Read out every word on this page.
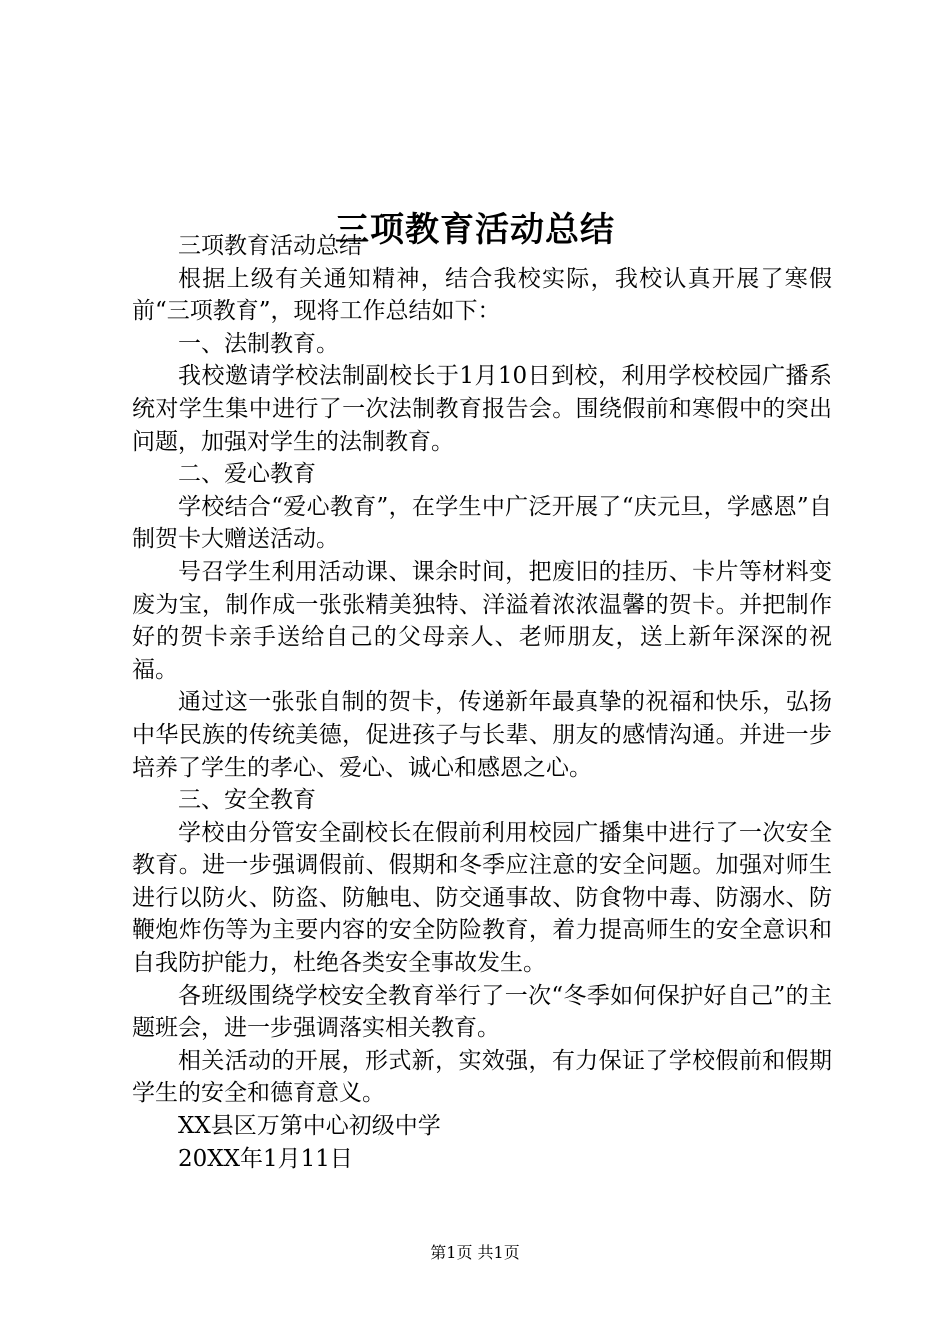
三项教育活动总结

三项教育活动总结

根据上级有关通知精神，结合我校实际，我校认真开展了寒假前“三项教育”，现将工作总结如下：

一、法制教育。

我校邀请学校法制副校长于1月10日到校，利用学校校园广播系统对学生集中进行了一次法制教育报告会。围绕假前和寒假中的突出问题，加强对学生的法制教育。

二、爱心教育

学校结合“爱心教育”，在学生中广泛开展了“庆元旦，学感恩”自制贺卡大赠送活动。

号召学生利用活动课、课余时间，把废旧的挂历、卡片等材料变废为宝，制作成一张张精美独特、洋溢着浓浓温馨的贺卡。并把制作好的贺卡亲手送给自己的父母亲人、老师朋友，送上新年深深的祝福。

通过这一张张自制的贺卡，传递新年最真挚的祝福和快乐，弘扬中华民族的传统美德，促进孩子与长辈、朋友的感情沟通。并进一步培养了学生的孝心、爱心、诚心和感恩之心。

三、安全教育

学校由分管安全副校长在假前利用校园广播集中进行了一次安全教育。进一步强调假前、假期和冬季应注意的安全问题。加强对师生进行以防火、防盗、防触电、防交通事故、防食物中毒、防溺水、防鞭炮炸伤等为主要内容的安全防险教育，着力提高师生的安全意识和自我防护能力，杜绝各类安全事故发生。

各班级围绕学校安全教育举行了一次“冬季如何保护好自己”的主题班会，进一步强调落实相关教育。

相关活动的开展，形式新，实效强，有力保证了学校假前和假期学生的安全和德育意义。

XX县区万第中心初级中学

20XX年1月11日

第1页 共1页
